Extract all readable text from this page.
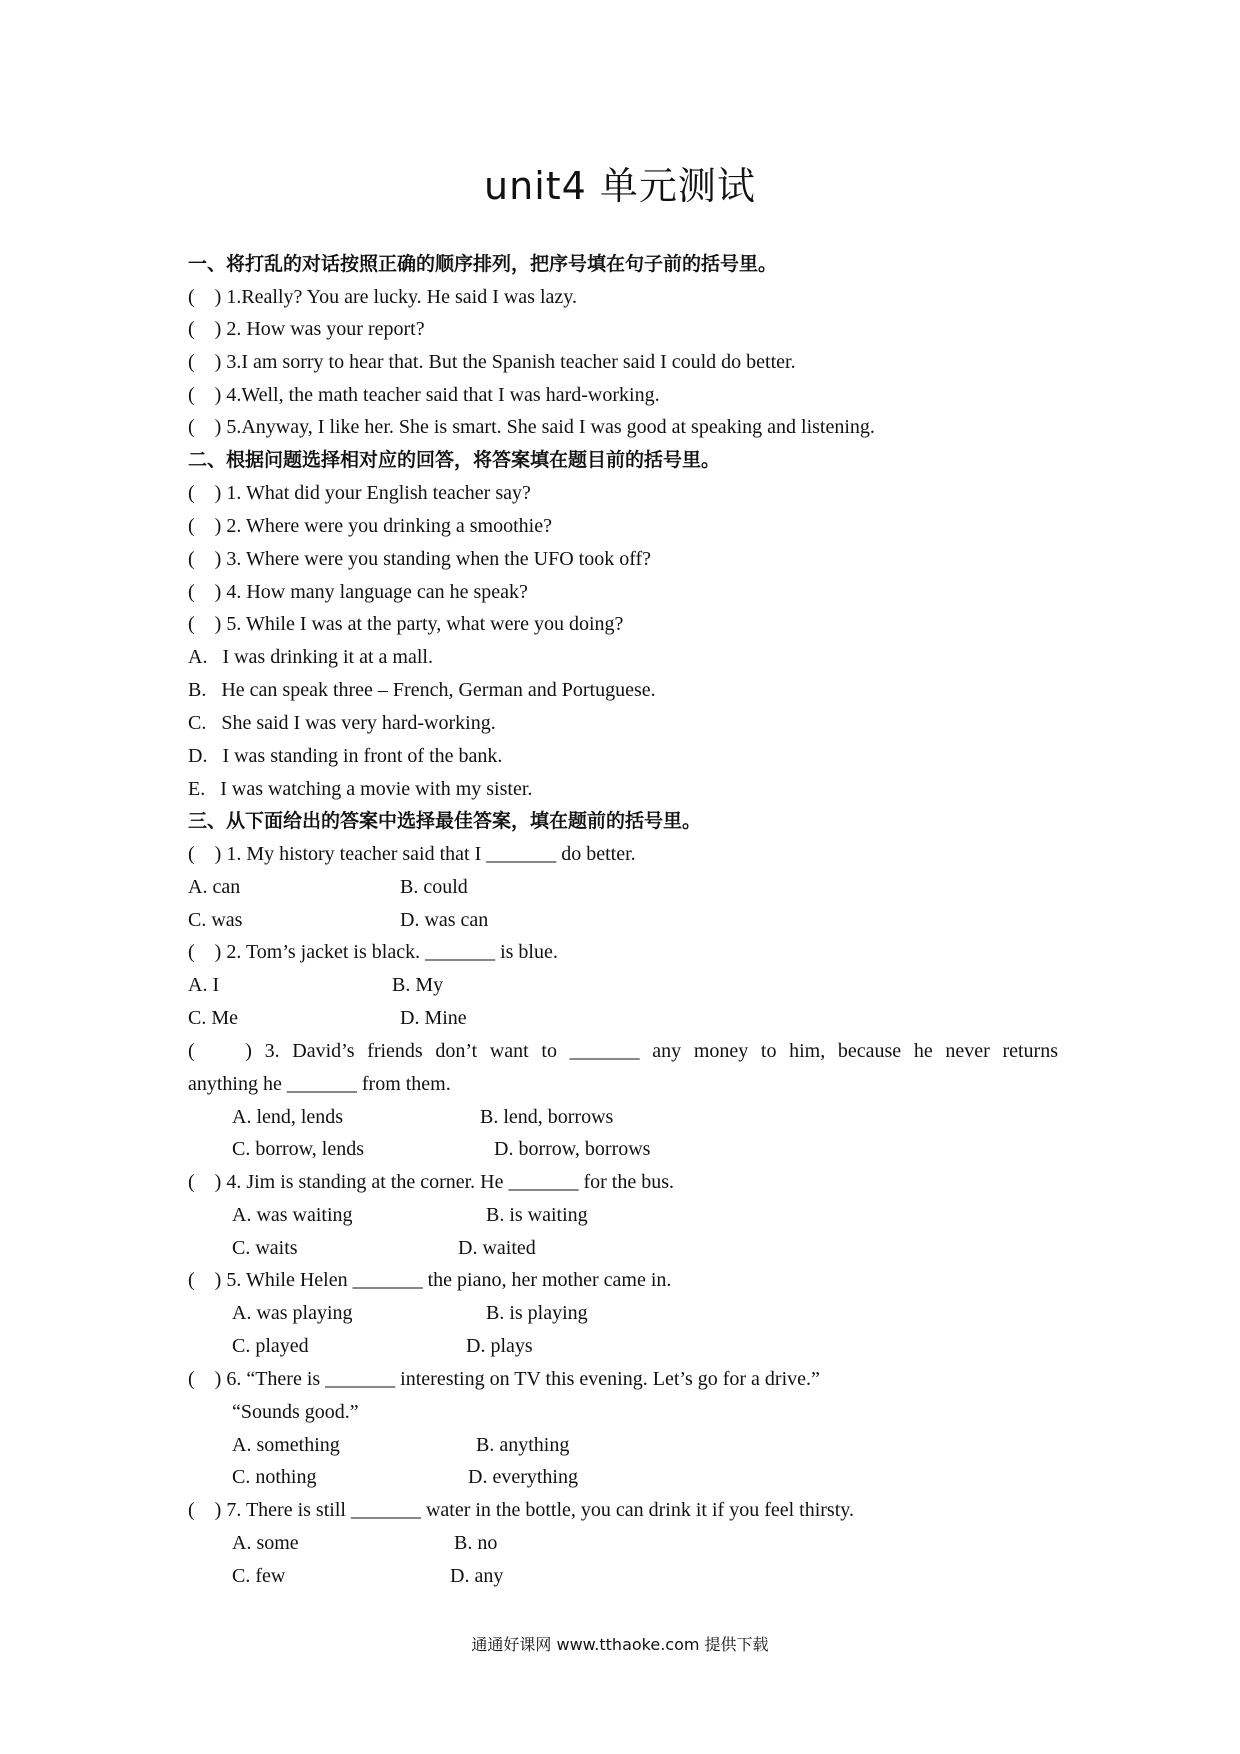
unit4 单元测试
一、将打乱的对话按照正确的顺序排列，把序号填在句子前的括号里。
(    ) 1.Really? You are lucky. He said I was lazy.
(    ) 2. How was your report?
(    ) 3.I am sorry to hear that. But the Spanish teacher said I could do better.
(    ) 4.Well, the math teacher said that I was hard-working.
(    ) 5.Anyway, I like her. She is smart. She said I was good at speaking and listening.
二、根据问题选择相对应的回答，将答案填在题目前的括号里。
(    ) 1. What did your English teacher say?
(    ) 2. Where were you drinking a smoothie?
(    ) 3. Where were you standing when the UFO took off?
(    ) 4. How many language can he speak?
(    ) 5. While I was at the party, what were you doing?
A.   I was drinking it at a mall.
B.   He can speak three – French, German and Portuguese.
C.   She said I was very hard-working.
D.   I was standing in front of the bank.
E.   I was watching a movie with my sister.
三、从下面给出的答案中选择最佳答案，填在题前的括号里。
(    ) 1. My history teacher said that I _______ do better.
A. can	B. could
C. was	D. was can
(    ) 2. Tom’s jacket is black. _______ is blue.
A. I	B. My
C. Me	D. Mine
(    ) 3. David’s friends don’t want to _______ any money to him, because he never returns
anything he _______ from them.
A. lend, lends	B. lend, borrows
C. borrow, lends	D. borrow, borrows
(    ) 4. Jim is standing at the corner. He _______ for the bus.
A. was waiting	B. is waiting
C. waits	D. waited
(    ) 5. While Helen _______ the piano, her mother came in.
A. was playing	B. is playing
C. played	D. plays
(    ) 6. “There is _______ interesting on TV this evening. Let’s go for a drive.”
“Sounds good.”
A. something	B. anything
C. nothing	D. everything
(    ) 7. There is still _______ water in the bottle, you can drink it if you feel thirsty.
A. some	B. no
C. few	D. any
通通好课网 www.tthaoke.com 提供下载
